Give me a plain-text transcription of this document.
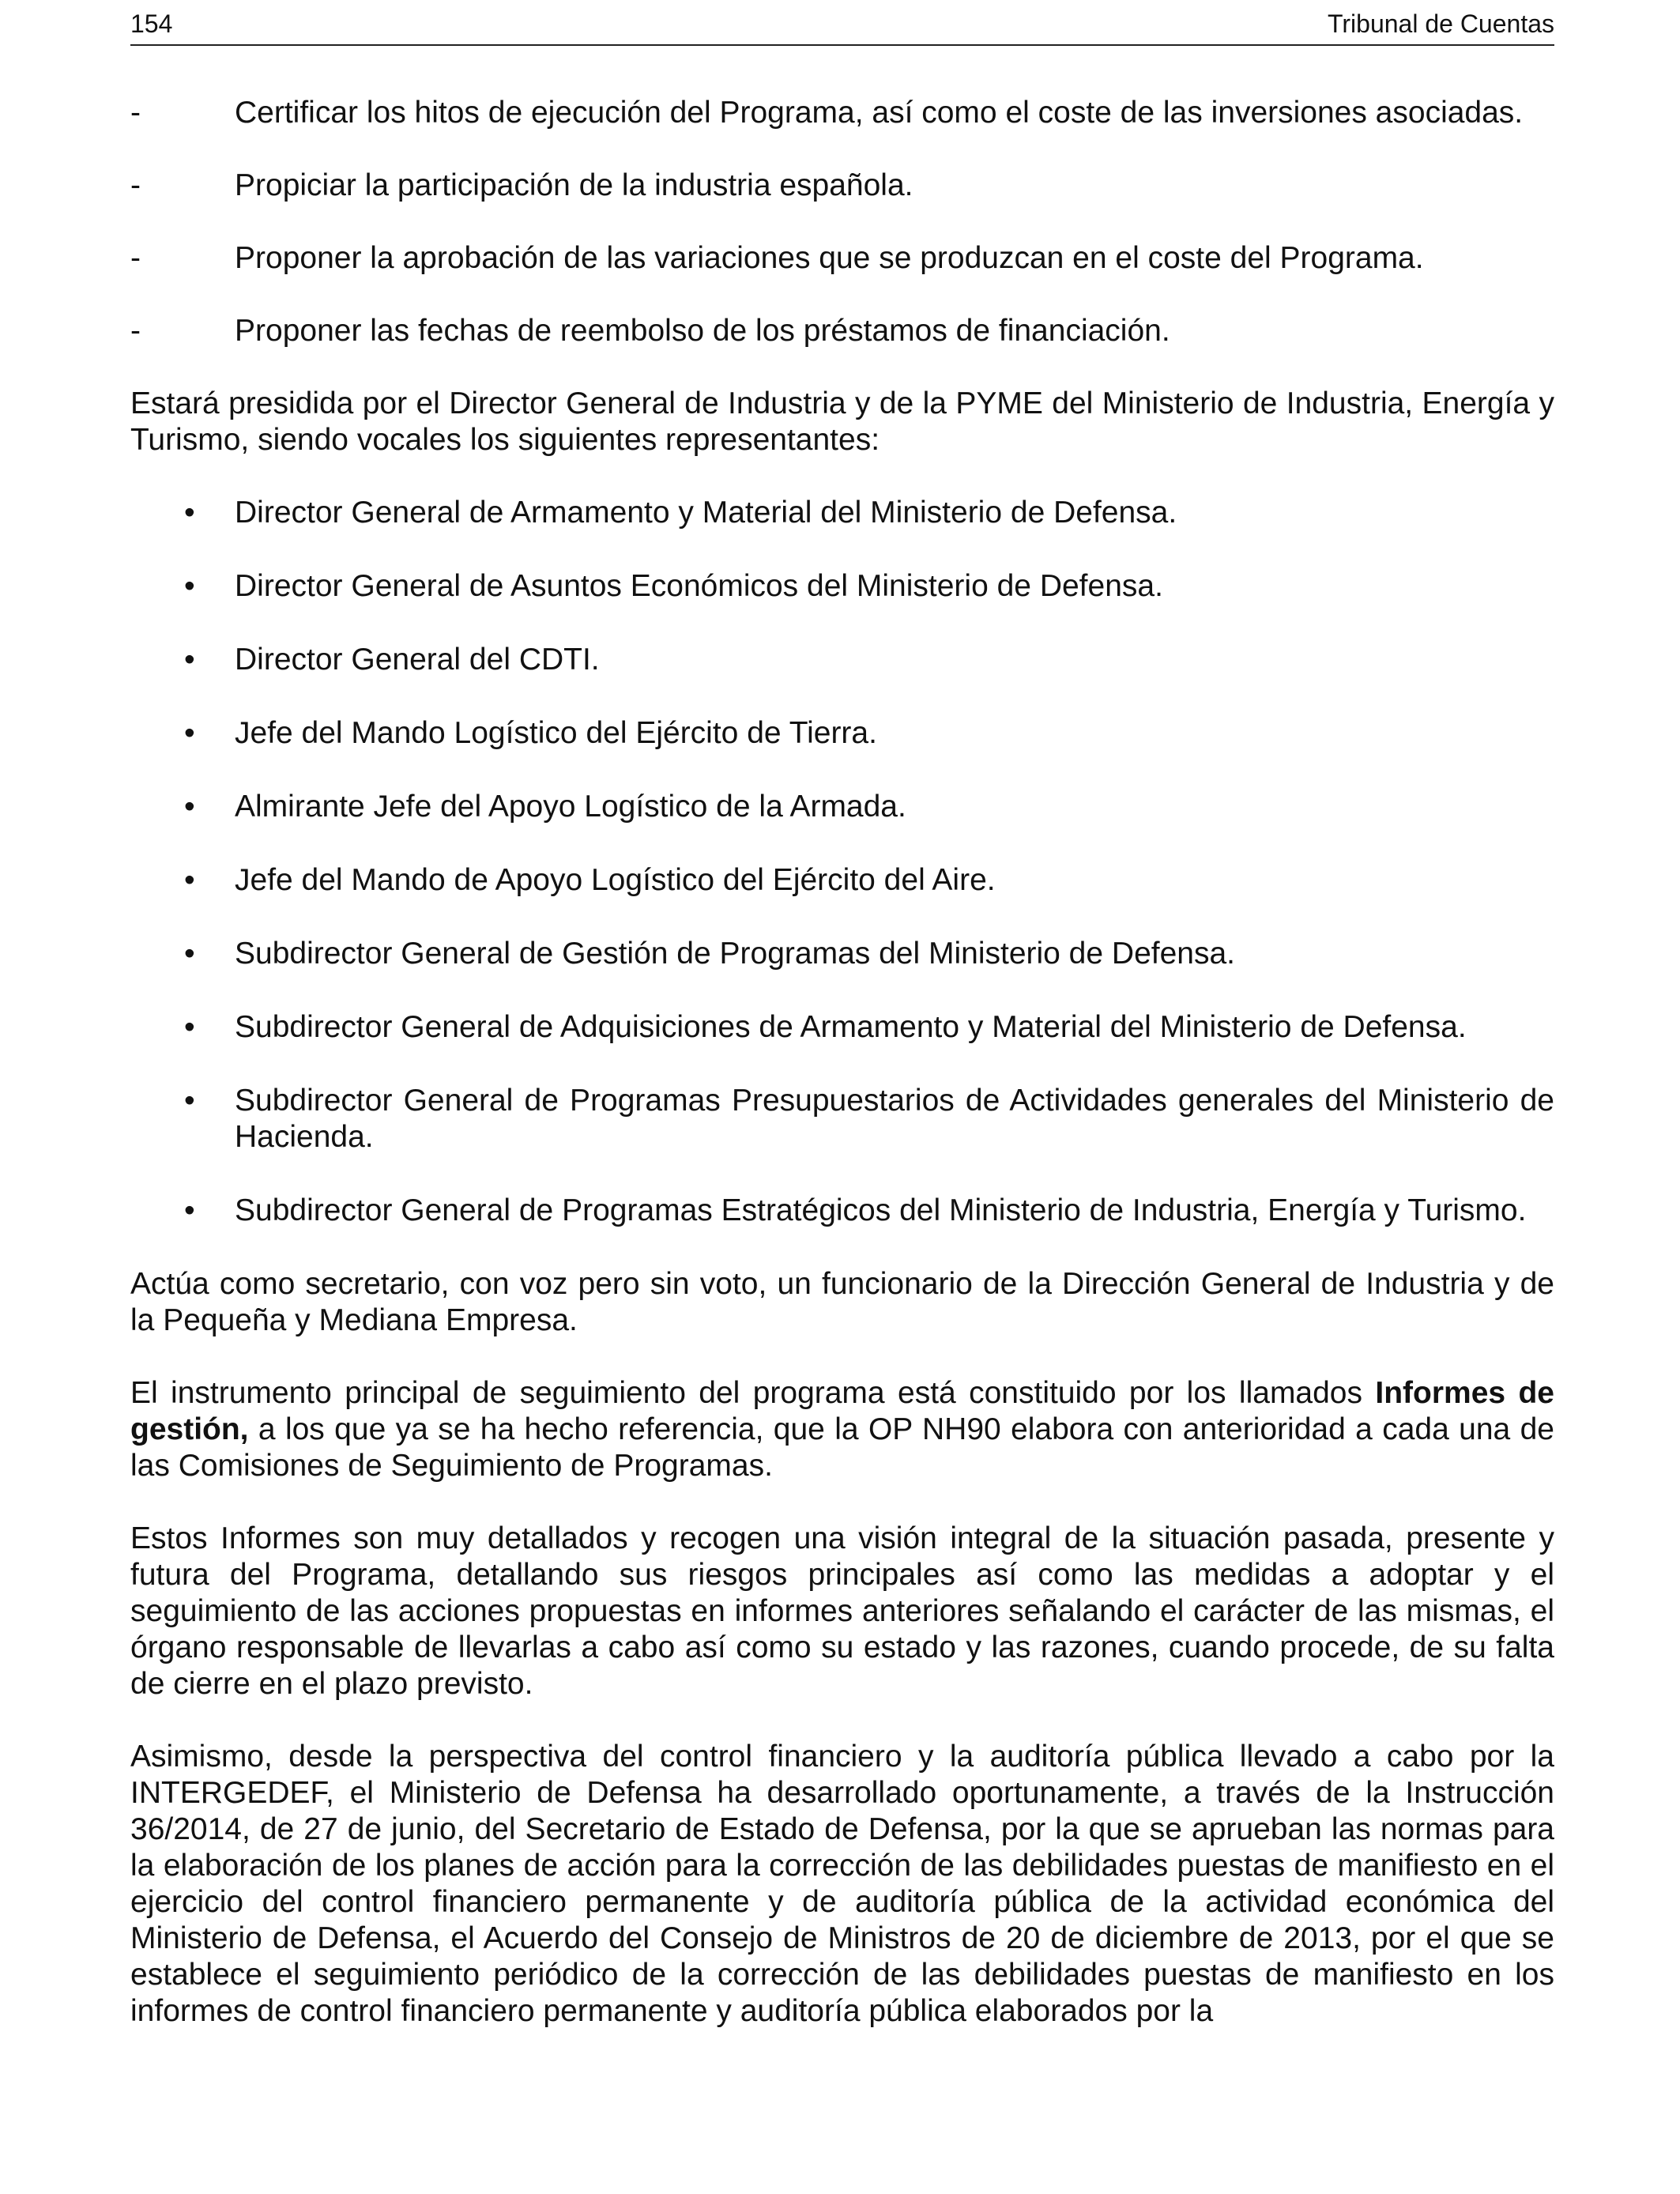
154	Tribunal de Cuentas
-	Certificar los hitos de ejecución del Programa, así como el coste de las inversiones asociadas.
-	Propiciar la participación de la industria española.
-	Proponer la aprobación de las variaciones que se produzcan en el coste del Programa.
-	Proponer las fechas de reembolso de los préstamos de financiación.

Estará presidida por el Director General de Industria y de la PYME del Ministerio de Industria, Energía y Turismo, siendo vocales los siguientes representantes:

• Director General de Armamento y Material del Ministerio de Defensa.
• Director General de Asuntos Económicos del Ministerio de Defensa.
• Director General del CDTI.
• Jefe del Mando Logístico del Ejército de Tierra.
• Almirante Jefe del Apoyo Logístico de la Armada.
• Jefe del Mando de Apoyo Logístico del Ejército del Aire.
• Subdirector General de Gestión de Programas del Ministerio de Defensa.
• Subdirector General de Adquisiciones de Armamento y Material del Ministerio de Defensa.
• Subdirector General de Programas Presupuestarios de Actividades generales del Ministerio de Hacienda.
• Subdirector General de Programas Estratégicos del Ministerio de Industria, Energía y Turismo.

Actúa como secretario, con voz pero sin voto, un funcionario de la Dirección General de Industria y de la Pequeña y Mediana Empresa.

El instrumento principal de seguimiento del programa está constituido por los llamados Informes de gestión, a los que ya se ha hecho referencia, que la OP NH90 elabora con anterioridad a cada una de las Comisiones de Seguimiento de Programas.

Estos Informes son muy detallados y recogen una visión integral de la situación pasada, presente y futura del Programa, detallando sus riesgos principales así como las medidas a adoptar y el seguimiento de las acciones propuestas en informes anteriores señalando el carácter de las mismas, el órgano responsable de llevarlas a cabo así como su estado y las razones, cuando procede, de su falta de cierre en el plazo previsto.

Asimismo, desde la perspectiva del control financiero y la auditoría pública llevado a cabo por la INTERGEDEF, el Ministerio de Defensa ha desarrollado oportunamente, a través de la Instrucción 36/2014, de 27 de junio, del Secretario de Estado de Defensa, por la que se aprueban las normas para la elaboración de los planes de acción para la corrección de las debilidades puestas de manifiesto en el ejercicio del control financiero permanente y de auditoría pública de la actividad económica del Ministerio de Defensa, el Acuerdo del Consejo de Ministros de 20 de diciembre de 2013, por el que se establece el seguimiento periódico de la corrección de las debilidades puestas de manifiesto en los informes de control financiero permanente y auditoría pública elaborados por la
